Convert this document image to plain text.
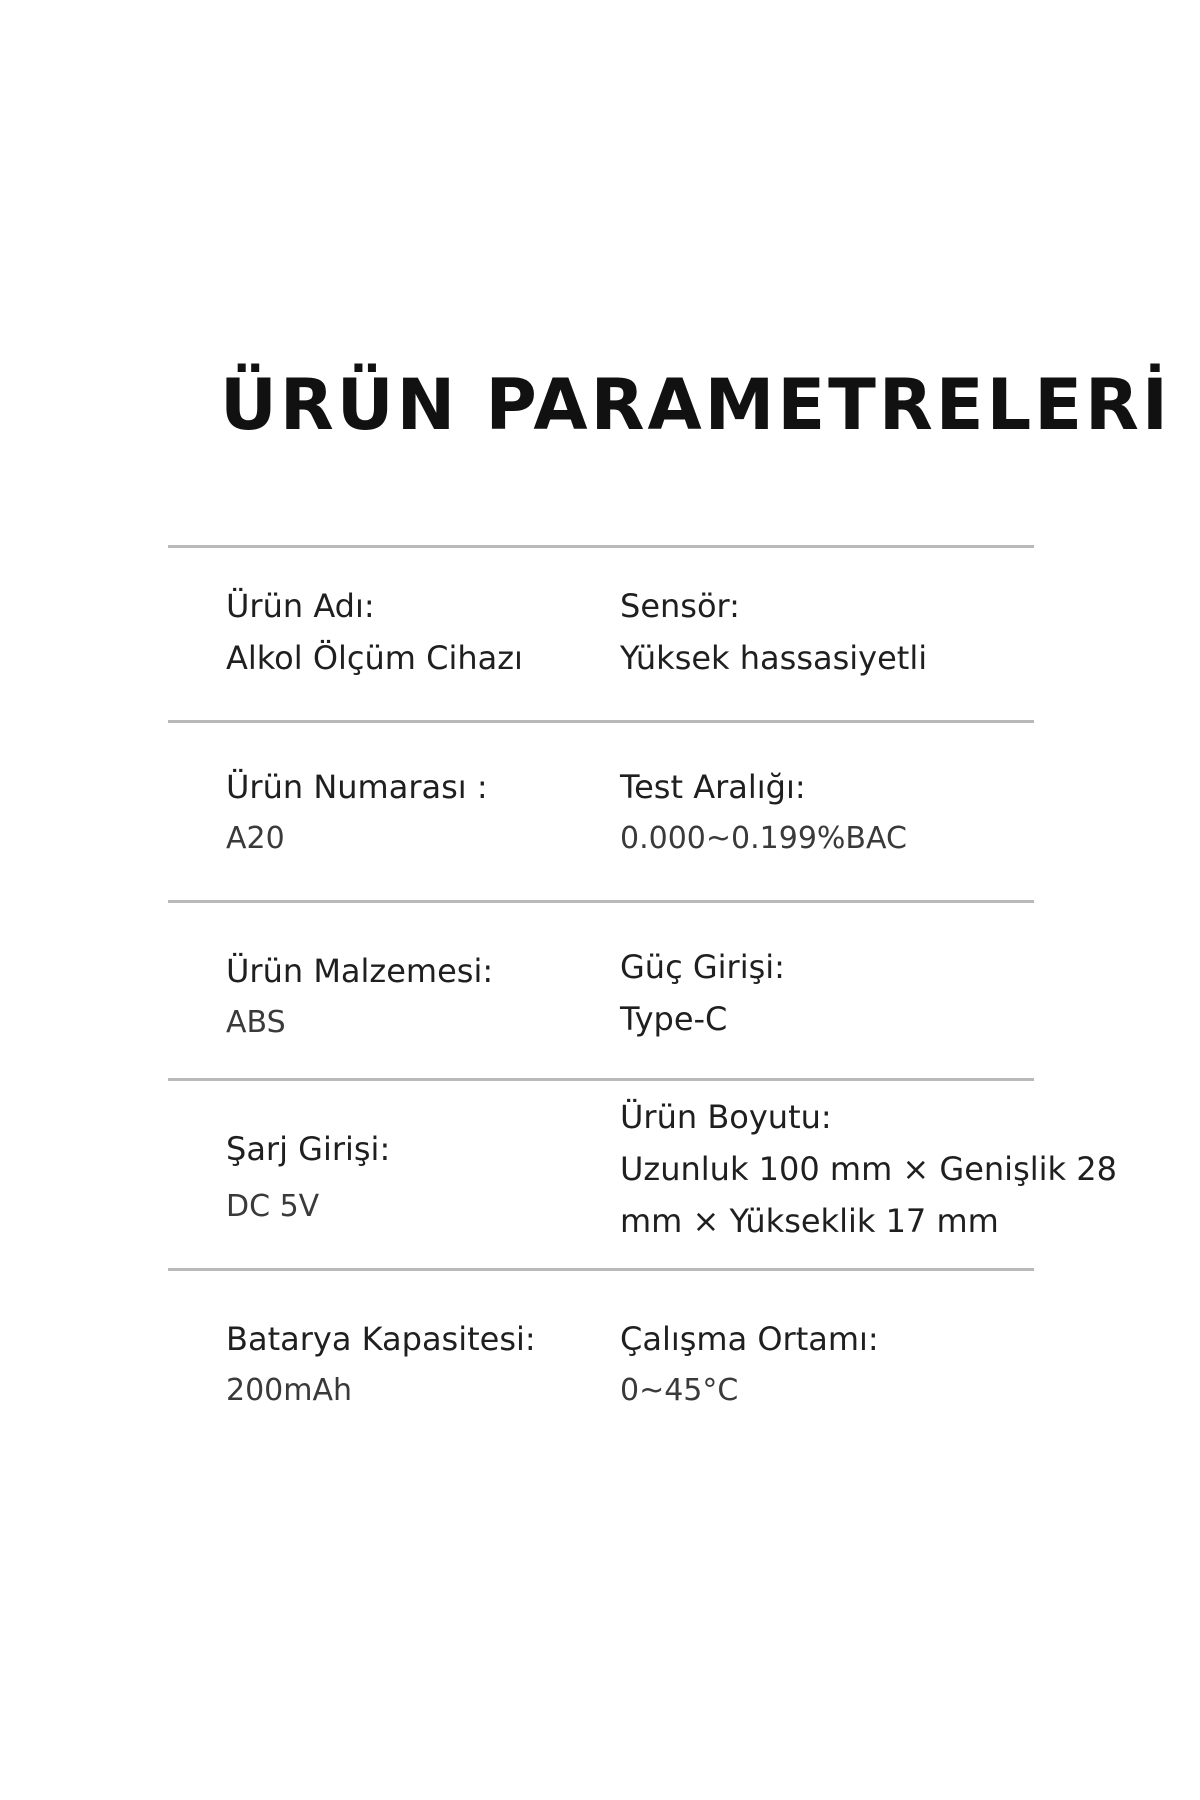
ÜRÜN PARAMETRELERİ
Ürün Adı:
Alkol Ölçüm Cihazı
Sensör:
Yüksek hassasiyetli
Ürün Numarası :
A20
Test Aralığı:
0.000~0.199%BAC
Ürün Malzemesi:
ABS
Güç Girişi:
Type-C
Şarj Girişi:
DC 5V
Ürün Boyutu:
Uzunluk 100 mm × Genişlik 28 mm × Yükseklik 17 mm
Batarya Kapasitesi:
200mAh
Çalışma Ortamı:
0~45°C
